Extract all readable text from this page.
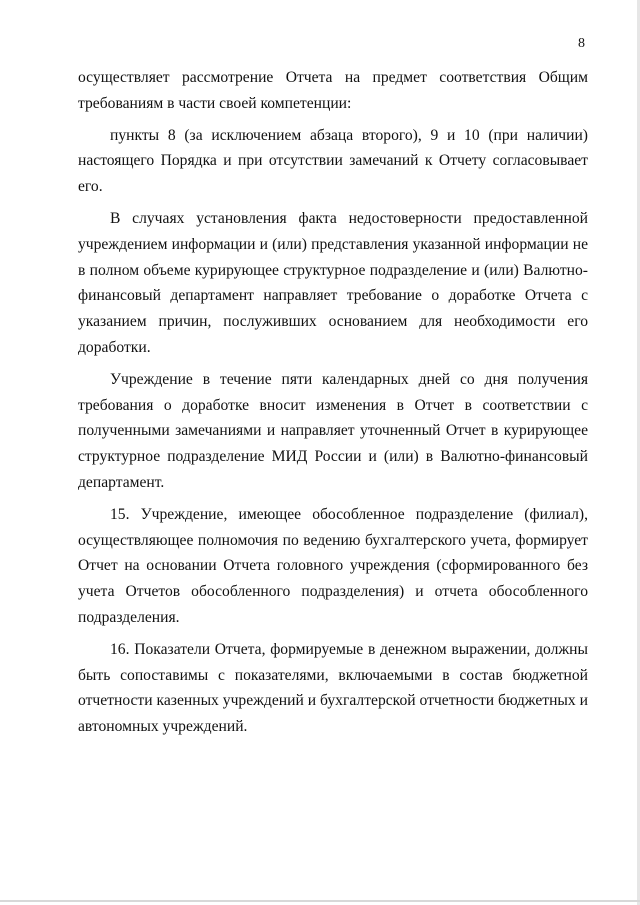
8

осуществляет рассмотрение Отчета на предмет соответствия Общим требованиям в части своей компетенции:

пункты 8 (за исключением абзаца второго), 9 и 10 (при наличии) настоящего Порядка и при отсутствии замечаний к Отчету согласовывает его.

В случаях установления факта недостоверности предоставленной учреждением информации и (или) представления указанной информации не в полном объеме курирующее структурное подразделение и (или) Валютно-финансовый департамент направляет требование о доработке Отчета с указанием причин, послуживших основанием для необходимости его доработки.

Учреждение в течение пяти календарных дней со дня получения требования о доработке вносит изменения в Отчет в соответствии с полученными замечаниями и направляет уточненный Отчет в курирующее структурное подразделение МИД России и (или) в Валютно-финансовый департамент.

15. Учреждение, имеющее обособленное подразделение (филиал), осуществляющее полномочия по ведению бухгалтерского учета, формирует Отчет на основании Отчета головного учреждения (сформированного без учета Отчетов обособленного подразделения) и отчета обособленного подразделения.

16. Показатели Отчета, формируемые в денежном выражении, должны быть сопоставимы с показателями, включаемыми в состав бюджетной отчетности казенных учреждений и бухгалтерской отчетности бюджетных и автономных учреждений.
